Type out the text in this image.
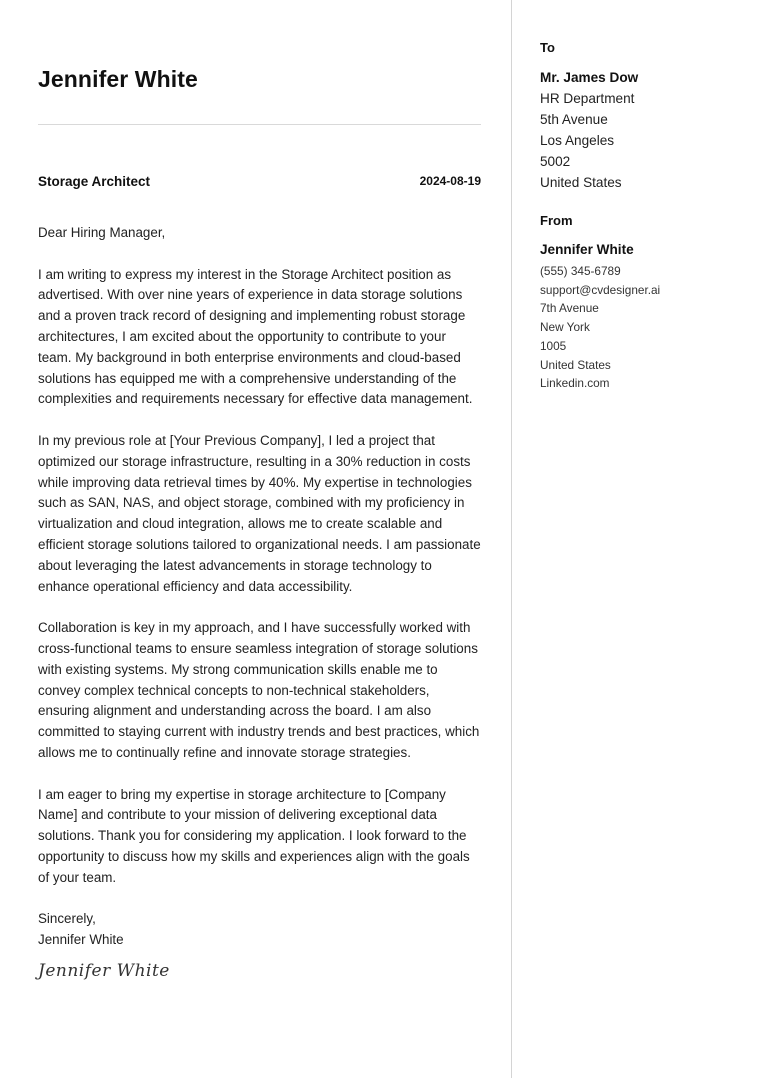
Jennifer White
Storage Architect	2024-08-19

Dear Hiring Manager,

I am writing to express my interest in the Storage Architect position as advertised. With over nine years of experience in data storage solutions and a proven track record of designing and implementing robust storage architectures, I am excited about the opportunity to contribute to your team. My background in both enterprise environments and cloud-based solutions has equipped me with a comprehensive understanding of the complexities and requirements necessary for effective data management.

In my previous role at [Your Previous Company], I led a project that optimized our storage infrastructure, resulting in a 30% reduction in costs while improving data retrieval times by 40%. My expertise in technologies such as SAN, NAS, and object storage, combined with my proficiency in virtualization and cloud integration, allows me to create scalable and efficient storage solutions tailored to organizational needs. I am passionate about leveraging the latest advancements in storage technology to enhance operational efficiency and data accessibility.

Collaboration is key in my approach, and I have successfully worked with cross-functional teams to ensure seamless integration of storage solutions with existing systems. My strong communication skills enable me to convey complex technical concepts to non-technical stakeholders, ensuring alignment and understanding across the board. I am also committed to staying current with industry trends and best practices, which allows me to continually refine and innovate storage strategies.

I am eager to bring my expertise in storage architecture to [Company Name] and contribute to your mission of delivering exceptional data solutions. Thank you for considering my application. I look forward to the opportunity to discuss how my skills and experiences align with the goals of your team.

Sincerely,

Jennifer White

Jennifer White
To
Mr. James Dow
HR Department
5th Avenue
Los Angeles
5002
United States
From
Jennifer White
(555) 345-6789
support@cvdesigner.ai
7th Avenue
New York
1005
United States
Linkedin.com
